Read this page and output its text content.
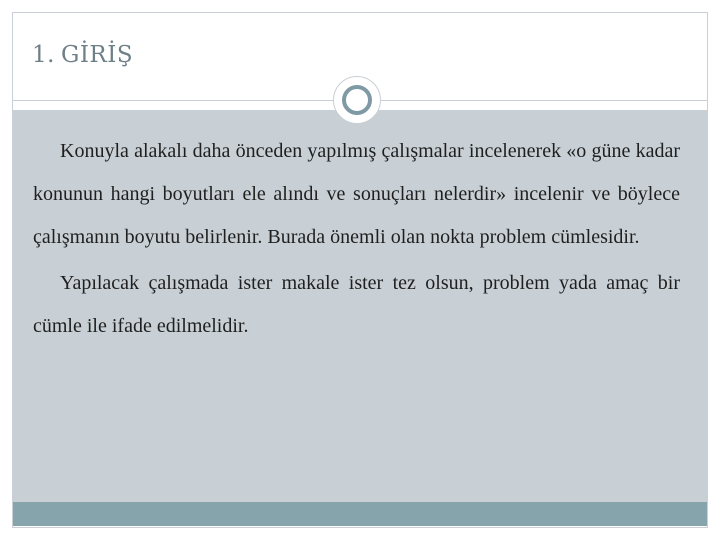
1. GİRİŞ

Konuyla alakalı daha önceden yapılmış çalışmalar incelenerek «o güne kadar konunun hangi boyutları ele alındı ve sonuçları nelerdir» incelenir ve böylece çalışmanın boyutu belirlenir. Burada önemli olan nokta problem cümlesidir.

Yapılacak çalışmada ister makale ister tez olsun, problem yada amaç bir cümle ile ifade edilmelidir.
